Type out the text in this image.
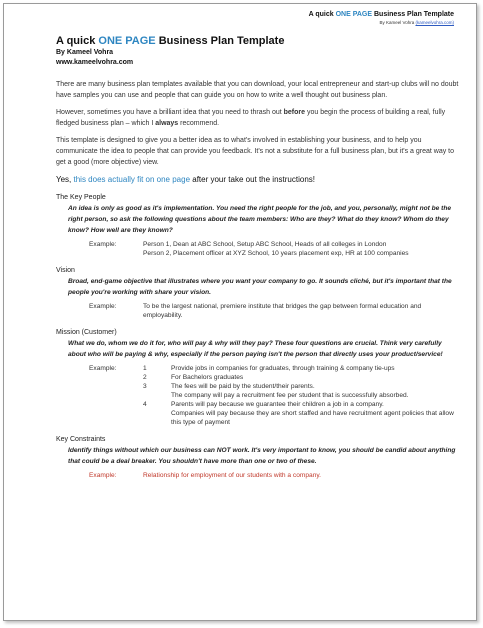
A quick ONE PAGE Business Plan Template
By Kameel Vohra (kameelvohra.com)
A quick ONE PAGE Business Plan Template
By Kameel Vohra
www.kameelvohra.com
There are many business plan templates available that you can download, your local entrepreneur and start-up clubs will no doubt have samples you can use and people that can guide you on how to write a well thought out business plan.
However, sometimes you have a brilliant idea that you need to thrash out before you begin the process of building a real, fully fledged business plan – which I always recommend.
This template is designed to give you a better idea as to what's involved in establishing your business, and to help you communicate the idea to people that can provide you feedback. It's not a substitute for a full business plan, but it's a great way to get a good (more objective) view.
Yes, this does actually fit on one page after your take out the instructions!
The Key People
An idea is only as good as it's implementation. You need the right people for the job, and you, personally, might not be the right person, so ask the following questions about the team members: Who are they? What do they know? Whom do they know? How well are they known?
Example:	Person 1, Dean at ABC School, Setup ABC School, Heads of all colleges in London
Person 2, Placement officer at XYZ School, 10 years placement exp, HR at 100 companies
Vision
Broad, end-game objective that illustrates where you want your company to go. It sounds cliché, but it's important that the people you're working with share your vision.
Example:	To be the largest national, premiere institute that bridges the gap between formal education and employability.
Mission (Customer)
What we do, whom we do it for, who will pay & why will they pay? These four questions are crucial. Think very carefully about who will be paying & why, especially if the person paying isn't the person that directly uses your product/service!
Example:	1	Provide jobs in companies for graduates, through training & company tie-ups
2	For Bachelors graduates
3	The fees will be paid by the student/their parents.
The company will pay a recruitment fee per student that is successfully absorbed.
4	Parents will pay because we guarantee their children a job in a company.
Companies will pay because they are short staffed and have recruitment agent policies that allow this type of payment
Key Constraints
Identify things without which our business can NOT work. It's very important to know, you should be candid about anything that could be a deal breaker. You shouldn't have more than one or two of these.
Example:	Relationship for employment of our students with a company.
